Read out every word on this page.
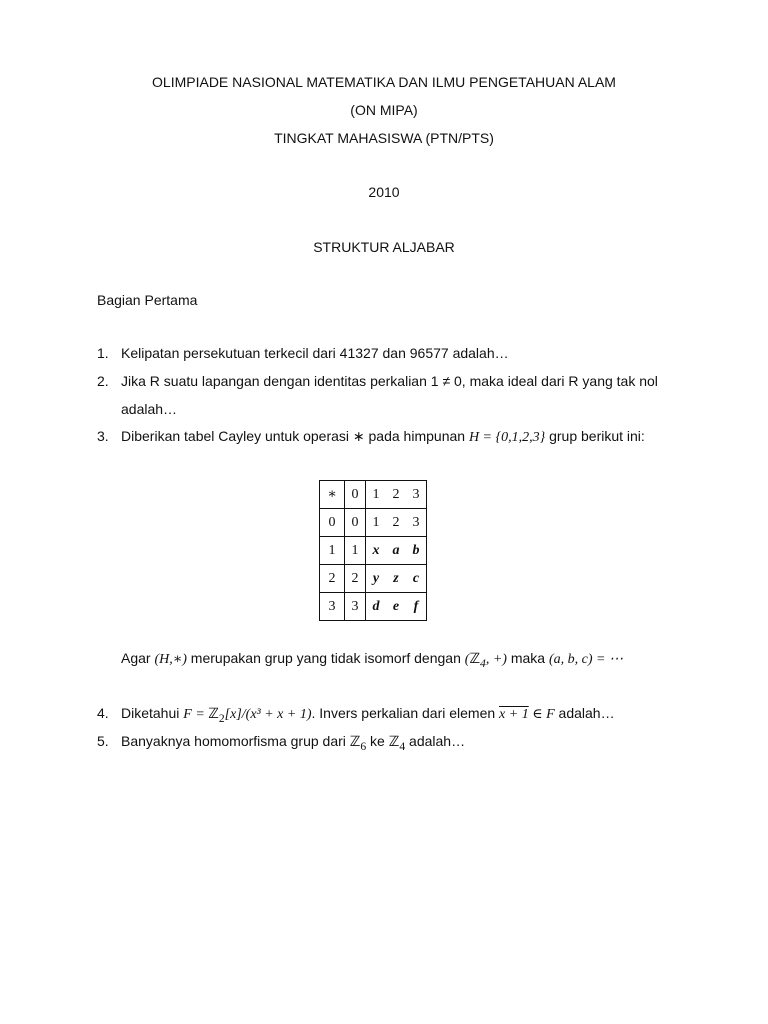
OLIMPIADE NASIONAL MATEMATIKA DAN ILMU PENGETAHUAN ALAM
(ON MIPA)
TINGKAT MAHASISWA (PTN/PTS)
2010
STRUKTUR ALJABAR
Bagian Pertama
1. Kelipatan persekutuan terkecil dari 41327 dan 96577 adalah…
2. Jika R suatu lapangan dengan identitas perkalian 1 ≠ 0, maka ideal dari R yang tak nol
adalah…
3. Diberikan tabel Cayley untuk operasi ∗ pada himpunan H = {0,1,2,3} grup berikut ini:
∗	0	1	2	3
0	0	1	2	3
1	1	x	a	b
2	2	y	z	c
3	3	d	e	f
Agar (H,∗) merupakan grup yang tidak isomorf dengan (ℤ$_4$, +) maka (a, b, c) = ⋯
4. Diketahui F = ℤ$_2$[x]/(x³ + x + 1). Invers perkalian dari elemen x + 1 ∈ F adalah…
5. Banyaknya homomorfisma grup dari ℤ$_6$ ke ℤ$_4$ adalah…
